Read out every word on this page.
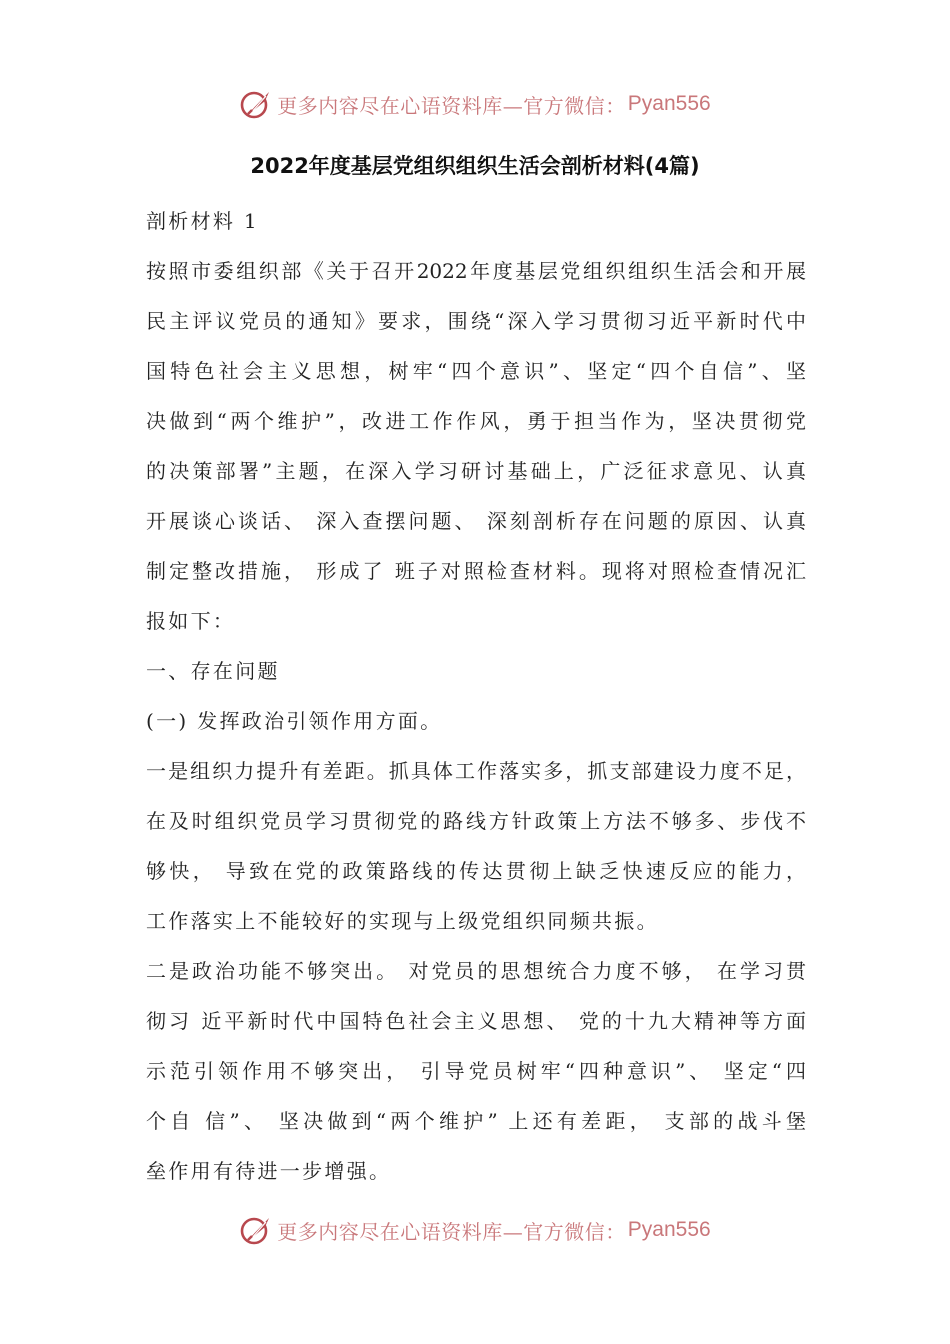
更多内容尽在心语资料库—官方微信： Pyan556
2022年度基层党组织组织生活会剖析材料(4篇)
剖析材料 1
按照市委组织部《关于召开2022年度基层党组织组织生活会和开展
民主评议党员的通知》要求，围绕“深入学习贯彻习近平新时代中
国特色社会主义思想，树牢“四个意识”、坚定“四个自信”、坚
决做到“两个维护”，改进工作作风，勇于担当作为，坚决贯彻党
的决策部署”主题，在深入学习研讨基础上，广泛征求意见、认真
开展谈心谈话、 深入查摆问题、 深刻剖析存在问题的原因、认真
制定整改措施， 形成了 班子对照检查材料。现将对照检查情况汇
报如下：
一、存在问题
(一) 发挥政治引领作用方面。
一是组织力提升有差距。抓具体工作落实多，抓支部建设力度不足，
在及时组织党员学习贯彻党的路线方针政策上方法不够多、步伐不
够快， 导致在党的政策路线的传达贯彻上缺乏快速反应的能力，
工作落实上不能较好的实现与上级党组织同频共振。
二是政治功能不够突出。 对党员的思想统合力度不够， 在学习贯
彻习 近平新时代中国特色社会主义思想、 党的十九大精神等方面
示范引领作用不够突出， 引导党员树牢“四种意识”、 坚定“四
个自 信”、 坚决做到“两个维护” 上还有差距， 支部的战斗堡
垒作用有待进一步增强。
更多内容尽在心语资料库—官方微信： Pyan556
